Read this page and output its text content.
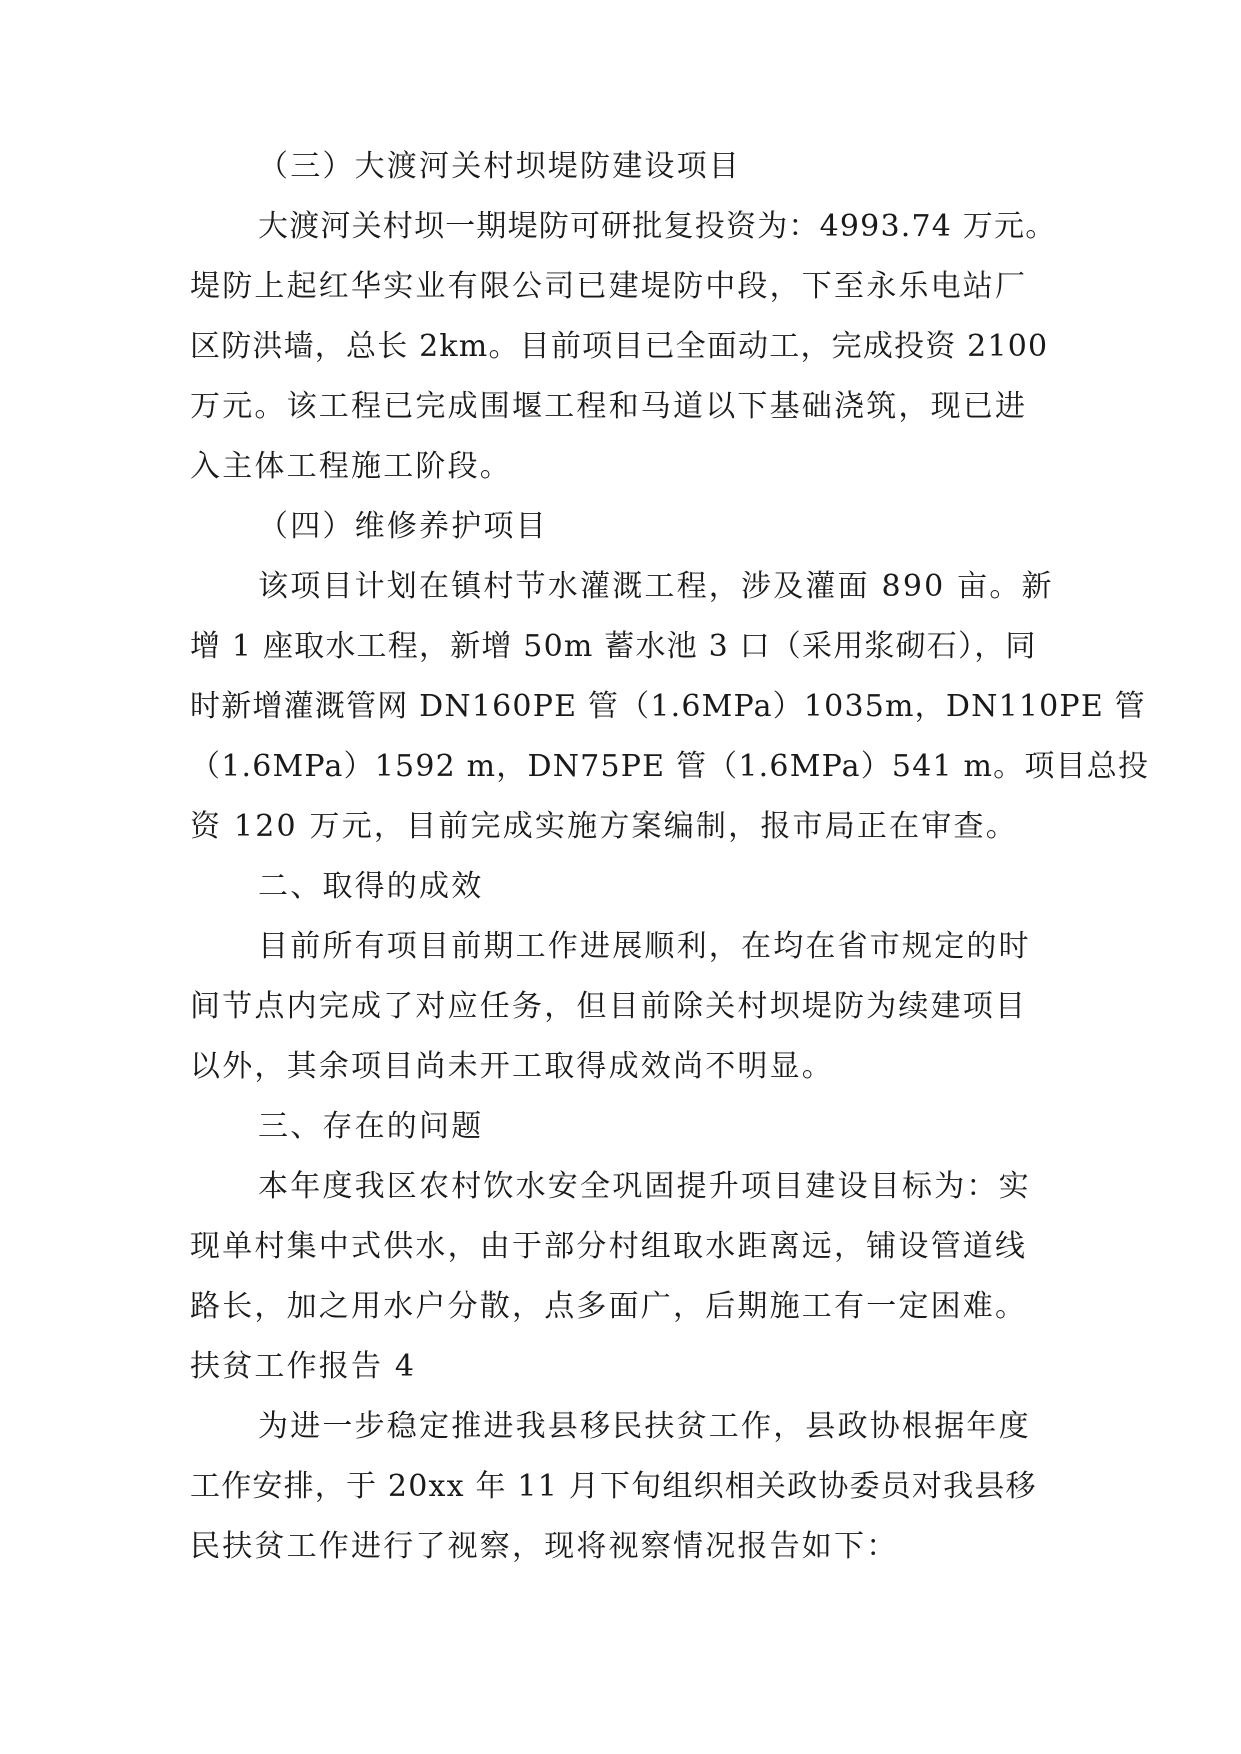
（三）大渡河关村坝堤防建设项目

大渡河关村坝一期堤防可研批复投资为：4993.74 万元。

堤防上起红华实业有限公司已建堤防中段，下至永乐电站厂

区防洪墙，总长 2km。目前项目已全面动工，完成投资 2100

万元。该工程已完成围堰工程和马道以下基础浇筑，现已进

入主体工程施工阶段。

（四）维修养护项目

该项目计划在镇村节水灌溉工程，涉及灌面 890 亩。新

增 1 座取水工程，新增 50m 蓄水池 3 口（采用浆砌石），同

时新增灌溉管网 DN160PE 管（1.6MPa）1035m，DN110PE 管

（1.6MPa）1592 m，DN75PE 管（1.6MPa）541 m。项目总投

资 120 万元，目前完成实施方案编制，报市局正在审查。

二、取得的成效

目前所有项目前期工作进展顺利，在均在省市规定的时

间节点内完成了对应任务，但目前除关村坝堤防为续建项目

以外，其余项目尚未开工取得成效尚不明显。

三、存在的问题

本年度我区农村饮水安全巩固提升项目建设目标为：实

现单村集中式供水，由于部分村组取水距离远，铺设管道线

路长，加之用水户分散，点多面广，后期施工有一定困难。

扶贫工作报告 4

为进一步稳定推进我县移民扶贫工作，县政协根据年度

工作安排，于 20xx 年 11 月下旬组织相关政协委员对我县移

民扶贫工作进行了视察，现将视察情况报告如下：
